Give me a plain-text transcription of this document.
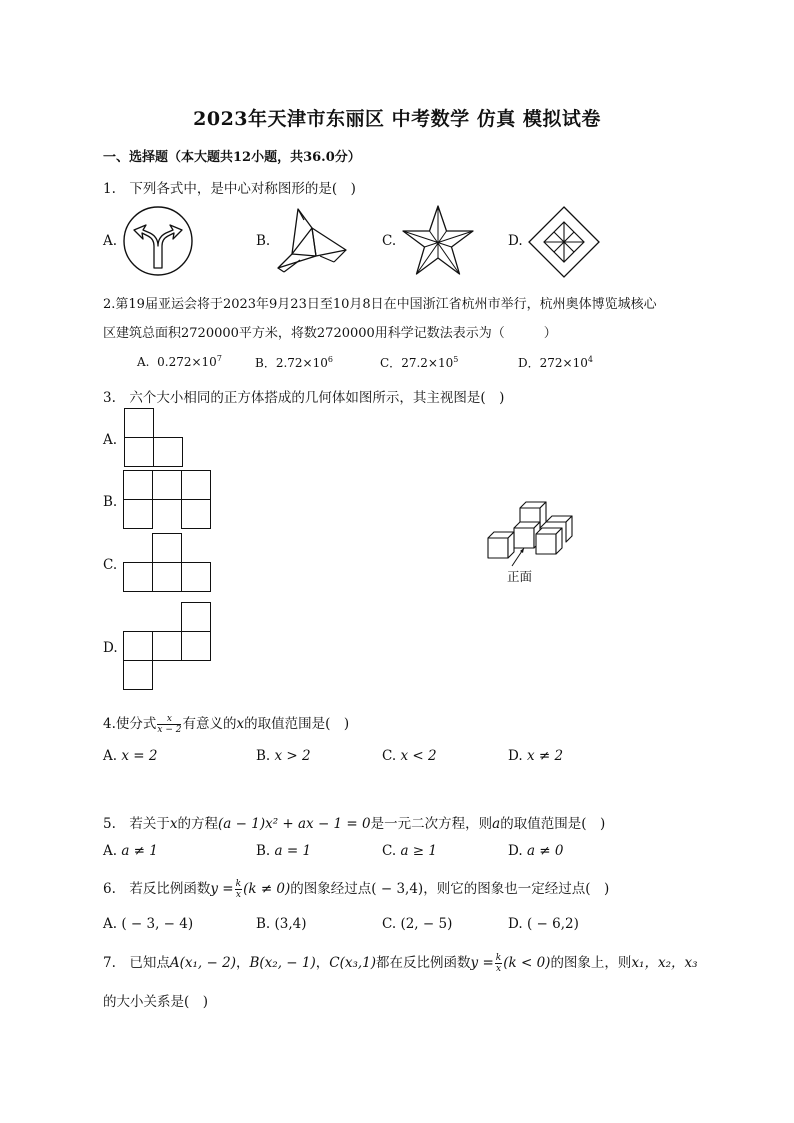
2023年天津市东丽区 中考数学 仿真 模拟试卷
一、选择题（本大题共12小题，共36.0分）
1.　下列各式中，是中心对称图形的是(　)
A.	B.	C.	D.
2.第19届亚运会将于2023年9月23日至10月8日在中国浙江省杭州市举行，杭州奥体博览城核心
区建筑总面积2720000平方米，将数2720000用科学记数法表示为（　　　）
A. $0.272\times 10^7$	B．$2.72\times 10^6$	C．$27.2\times 10^5$	D．$272\times 10^4$
3.　六个大小相同的正方体搭成的几何体如图所示，其主视图是(　)
A.
B.
C.
D.
正面
4.使分式 $\frac{x}{x - 2}$ 有意义的x的取值范围是(　)
A. x = 2	B. x > 2	C. x < 2	D. x ≠ 2
5.　若关于x的方程(a − 1)x² + ax − 1 = 0是一元二次方程，则a的取值范围是(　)
A. a ≠ 1	B. a = 1	C. a ≥ 1	D. a ≠ 0
6.　若反比例函数$y = \frac{k}{x} (k \ne 0)$的图象经过点( − 3,4)，则它的图象也一定经过点(　)
A. ( − 3, − 4)	B. (3,4)	C. (2, − 5)	D. ( − 6,2)
7.　已知点A(x₁, − 2)，B(x₂, − 1)，C(x₃,1)都在反比例函数$y = \frac{k}{x} (k < 0)$的图象上，则x₁，x₂，x₃
的大小关系是(　)
